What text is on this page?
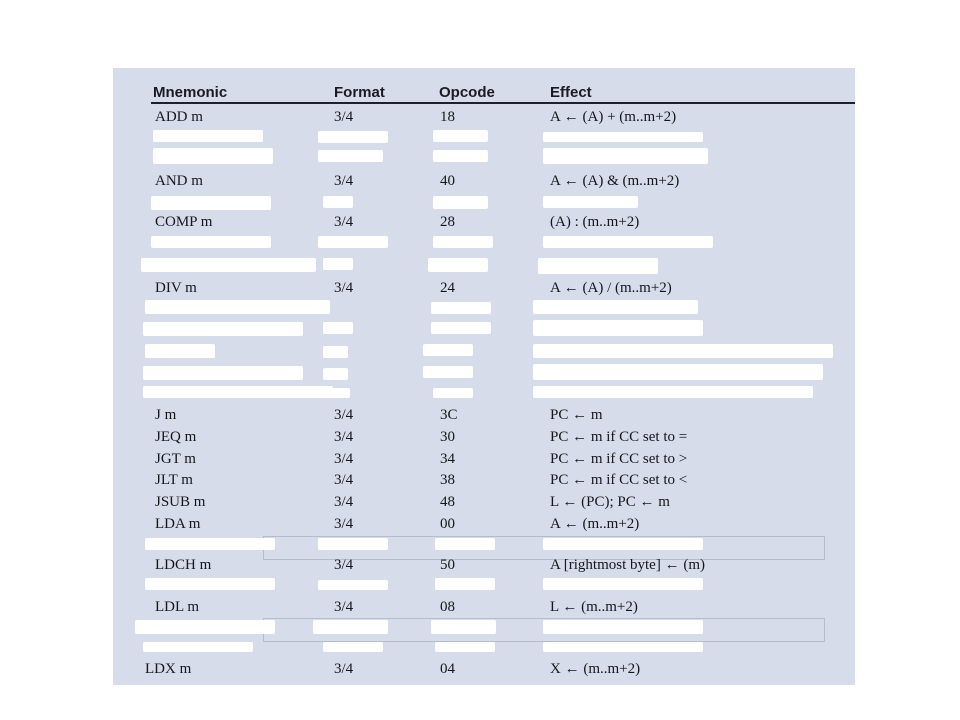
Mnemonic	Format	Opcode	Effect
ADD m	3/4	18	A ← (A) + (m..m+2)
AND m	3/4	40	A ← (A) & (m..m+2)
COMP m	3/4	28	(A) : (m..m+2)
DIV m	3/4	24	A ← (A) / (m..m+2)
J m	3/4	3C	PC ← m
JEQ m	3/4	30	PC ← m if CC set to =
JGT m	3/4	34	PC ← m if CC set to >
JLT m	3/4	38	PC ← m if CC set to <
JSUB m	3/4	48	L ← (PC); PC ← m
LDA m	3/4	00	A ← (m..m+2)
LDCH m	3/4	50	A [rightmost byte] ← (m)
LDL m	3/4	08	L ← (m..m+2)
LDX m	3/4	04	X ← (m..m+2)
